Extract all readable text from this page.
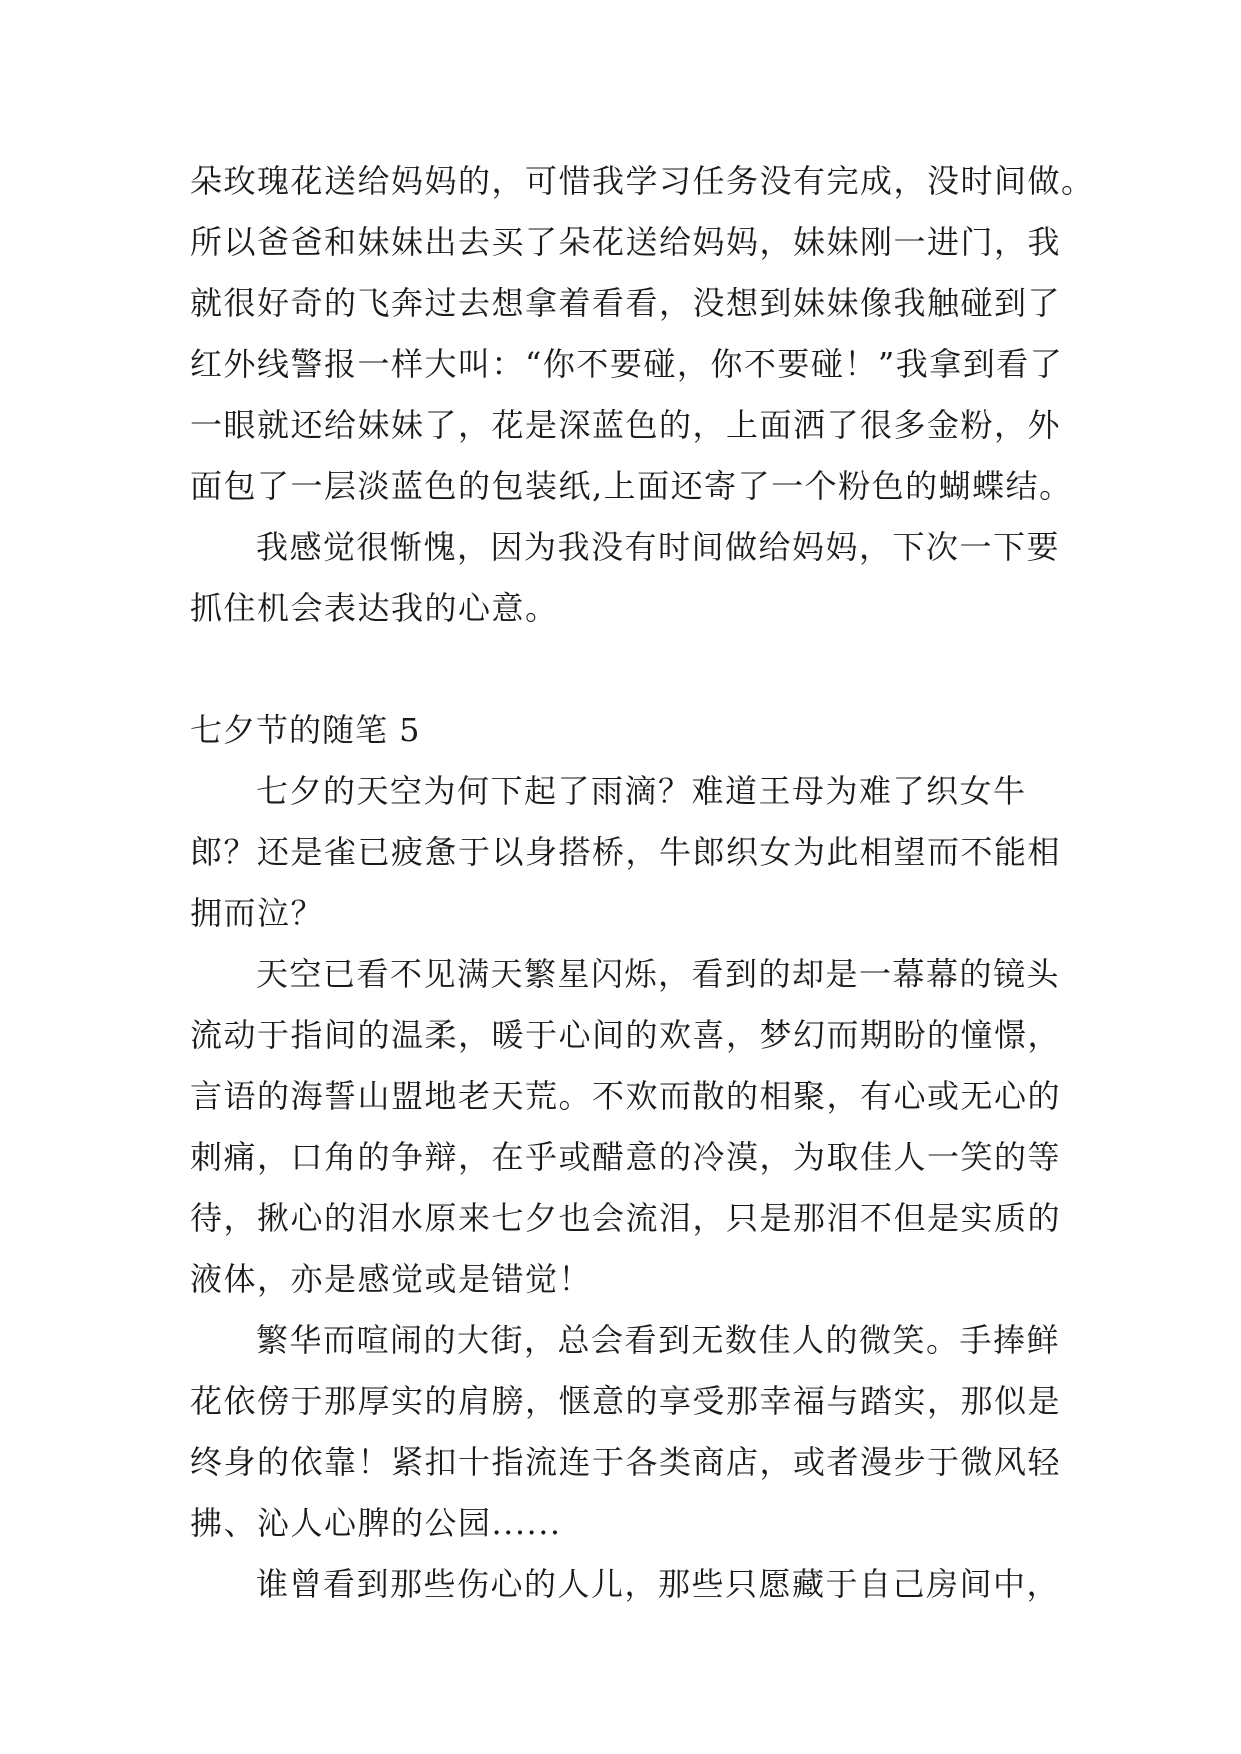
朵玫瑰花送给妈妈的，可惜我学习任务没有完成，没时间做。
所以爸爸和妹妹出去买了朵花送给妈妈，妹妹刚一进门，我
就很好奇的飞奔过去想拿着看看，没想到妹妹像我触碰到了
红外线警报一样大叫：“你不要碰，你不要碰！”我拿到看了
一眼就还给妹妹了，花是深蓝色的，上面洒了很多金粉，外
面包了一层淡蓝色的包装纸,上面还寄了一个粉色的蝴蝶结。
我感觉很惭愧，因为我没有时间做给妈妈，下次一下要
抓住机会表达我的心意。
七夕节的随笔 5
七夕的天空为何下起了雨滴？难道王母为难了织女牛
郎？还是雀已疲惫于以身搭桥，牛郎织女为此相望而不能相
拥而泣？
天空已看不见满天繁星闪烁，看到的却是一幕幕的镜头
流动于指间的温柔，暖于心间的欢喜，梦幻而期盼的憧憬，
言语的海誓山盟地老天荒。不欢而散的相聚，有心或无心的
刺痛，口角的争辩，在乎或醋意的冷漠，为取佳人一笑的等
待，揪心的泪水原来七夕也会流泪，只是那泪不但是实质的
液体，亦是感觉或是错觉！
繁华而喧闹的大街，总会看到无数佳人的微笑。手捧鲜
花依傍于那厚实的肩膀，惬意的享受那幸福与踏实，那似是
终身的依靠！紧扣十指流连于各类商店，或者漫步于微风轻
拂、沁人心脾的公园......
谁曾看到那些伤心的人儿，那些只愿藏于自己房间中，
